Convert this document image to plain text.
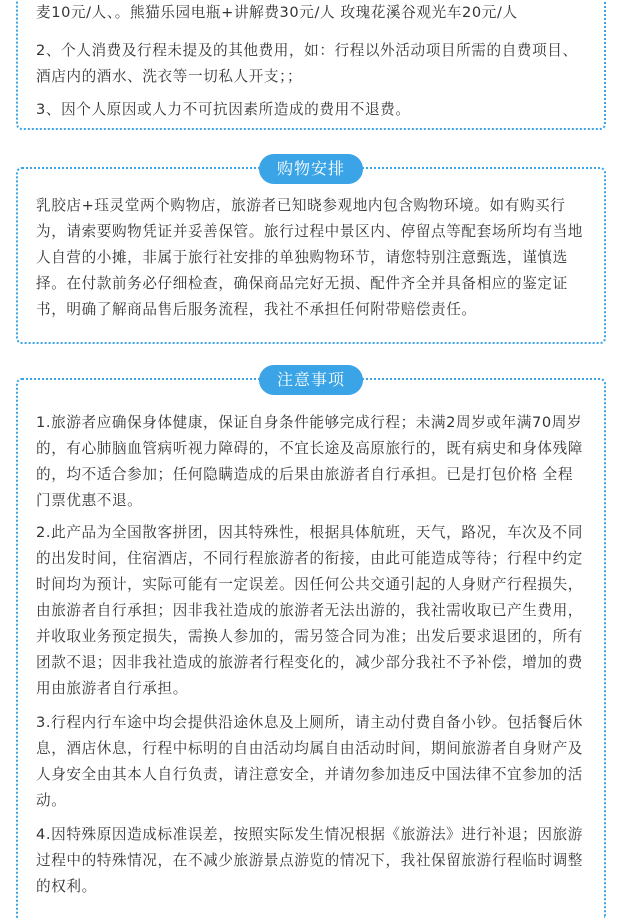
麦10元/人、。熊猫乐园电瓶+讲解费30元/人 玫瑰花溪谷观光车20元/人

2、个人消费及行程未提及的其他费用，如：行程以外活动项目所需的自费项目、酒店内的酒水、洗衣等一切私人开支；；

3、因个人原因或人力不可抗因素所造成的费用不退费。

购物安排

乳胶店+珏灵堂两个购物店，旅游者已知晓参观地内包含购物环境。如有购买行为，请索要购物凭证并妥善保管。旅行过程中景区内、停留点等配套场所均有当地人自营的小摊，非属于旅行社安排的单独购物环节，请您特别注意甄选，谨慎选择。在付款前务必仔细检查，确保商品完好无损、配件齐全并具备相应的鉴定证书，明确了解商品售后服务流程，我社不承担任何附带赔偿责任。

注意事项

1.旅游者应确保身体健康，保证自身条件能够完成行程；未满2周岁或年满70周岁的，有心肺脑血管病听视力障碍的，不宜长途及高原旅行的，既有病史和身体残障的，均不适合参加；任何隐瞒造成的后果由旅游者自行承担。已是打包价格 全程门票优惠不退。

2.此产品为全国散客拼团，因其特殊性，根据具体航班，天气，路况，车次及不同的出发时间，住宿酒店，不同行程旅游者的衔接，由此可能造成等待；行程中约定时间均为预计，实际可能有一定误差。因任何公共交通引起的人身财产行程损失，由旅游者自行承担；因非我社造成的旅游者无法出游的，我社需收取已产生费用，并收取业务预定损失，需换人参加的，需另签合同为准；出发后要求退团的，所有团款不退；因非我社造成的旅游者行程变化的，减少部分我社不予补偿，增加的费用由旅游者自行承担。

3.行程内行车途中均会提供沿途休息及上厕所，请主动付费自备小钞。包括餐后休息，酒店休息，行程中标明的自由活动均属自由活动时间，期间旅游者自身财产及人身安全由其本人自行负责，请注意安全，并请勿参加违反中国法律不宜参加的活动。

4.因特殊原因造成标准误差，按照实际发生情况根据《旅游法》进行补退；因旅游过程中的特殊情况，在不减少旅游景点游览的情况下，我社保留旅游行程临时调整的权利。
